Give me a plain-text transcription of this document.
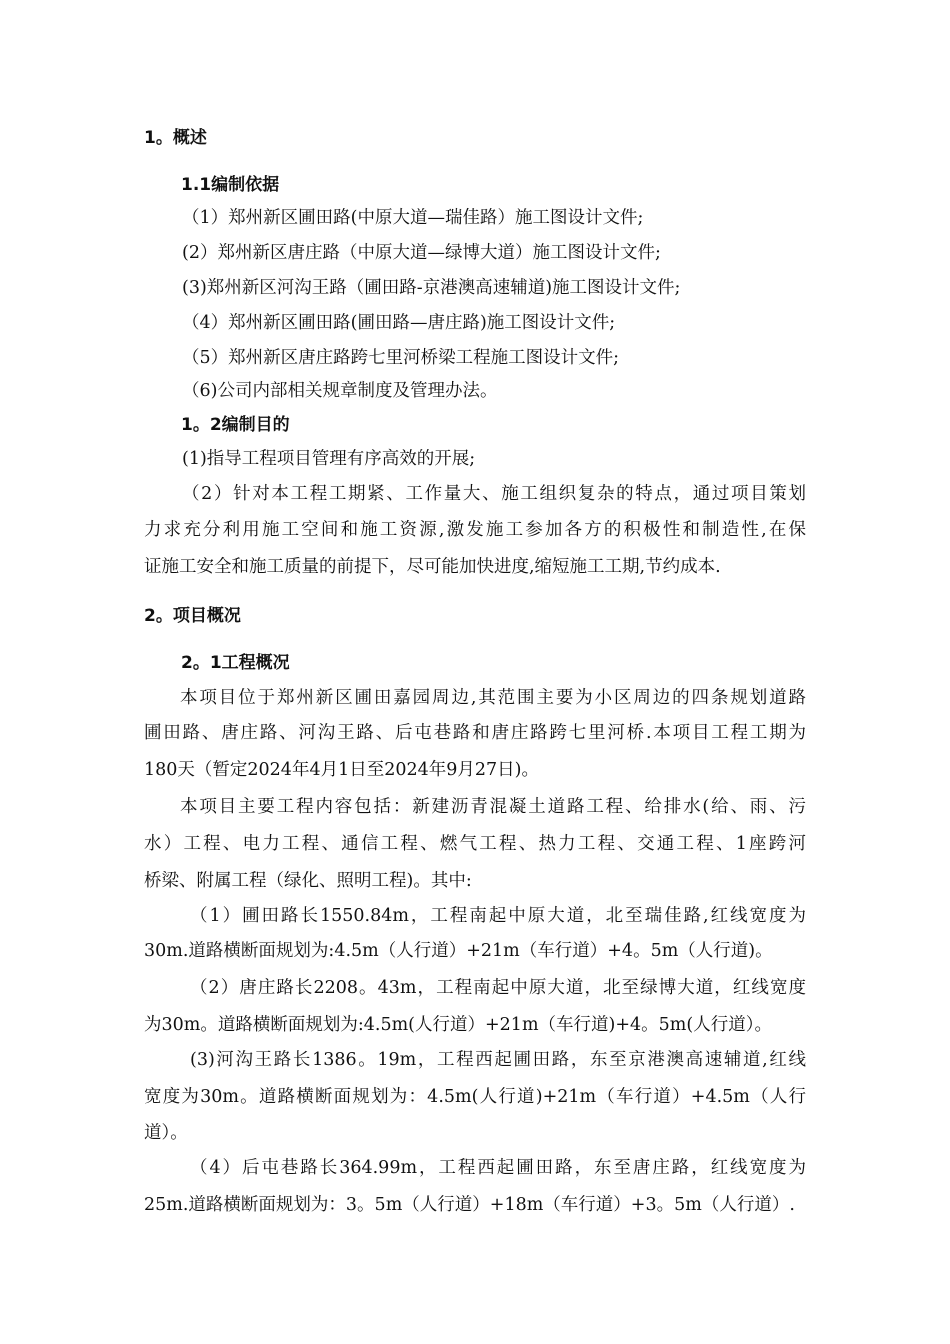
1。概述
1.1编制依据
（1）郑州新区圃田路(中原大道—瑞佳路）施工图设计文件;
(2）郑州新区唐庄路（中原大道—绿博大道）施工图设计文件;
(3)郑州新区河沟王路（圃田路-京港澳高速辅道)施工图设计文件;
（4）郑州新区圃田路(圃田路—唐庄路)施工图设计文件;
（5）郑州新区唐庄路跨七里河桥梁工程施工图设计文件;
（6)公司内部相关规章制度及管理办法。
1。2编制目的
(1)指导工程项目管理有序高效的开展;
（2）针对本工程工期紧、工作量大、施工组织复杂的特点，通过项目策划
力求充分利用施工空间和施工资源,激发施工参加各方的积极性和制造性,在保
证施工安全和施工质量的前提下，尽可能加快进度,缩短施工工期,节约成本.
2。项目概况
2。1工程概况
本项目位于郑州新区圃田嘉园周边,其范围主要为小区周边的四条规划道路
圃田路、唐庄路、河沟王路、后屯巷路和唐庄路跨七里河桥.本项目工程工期为
180天（暂定2024年4月1日至2024年9月27日)。
本项目主要工程内容包括：新建沥青混凝土道路工程、给排水(给、雨、污
水）工程、电力工程、通信工程、燃气工程、热力工程、交通工程、1座跨河
桥梁、附属工程（绿化、照明工程)。其中:
（1）圃田路长1550.84m，工程南起中原大道，北至瑞佳路,红线宽度为
30m.道路横断面规划为:4.5m（人行道）+21m（车行道）+4。5m（人行道)。
（2）唐庄路长2208。43m，工程南起中原大道，北至绿博大道，红线宽度
为30m。道路横断面规划为:4.5m(人行道）+21m（车行道)+4。5m(人行道）。
(3)河沟王路长1386。19m，工程西起圃田路，东至京港澳高速辅道,红线
宽度为30m。道路横断面规划为：4.5m(人行道)+21m（车行道）+4.5m（人行
道）。
（4）后屯巷路长364.99m，工程西起圃田路，东至唐庄路，红线宽度为
25m.道路横断面规划为：3。5m（人行道）+18m（车行道）+3。5m（人行道）.
